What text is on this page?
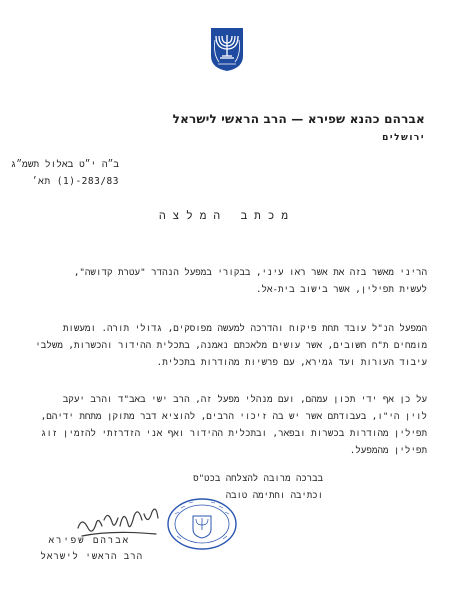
אברהם כהנא שפירא — הרב הראשי לישראל
ירושלים
ב״ה י״ט באלול תשמ״ג
283/83-(1) תא׳
מכתב המלצה
הריני מאשר בזה את אשר ראו עיני, בבקורי במפעל הנהדר "עטרת קדושה",
לעשית תפילין, אשר בישוב בית-אל.
המפעל הנ"ל עובד תחת פיקוח והדרכה למעשה מפוסקים, גדולי תורה. ומעשות
מומחים ת"ח חשובים, אשר עושים מלאכתם נאמנה, בתכלית ההידור והכשרות, משלבי
עיבוד העורות ועד גמירא, עם פרשיות מהודרות בתכלית.
על כן אף ידי תכון עמהם, ועם מנהלי מפעל זה, הרב ישי באב"ד והרב יעקב
לוין הי"ו, בעבודתם אשר יש בה זיכוי הרבים, להוציא דבר מתוקן מתחת ידיהם,
תפילין מהודרות בכשרות ובפאר, ובתכלית ההידור ואף אני הזדרזתי להזמין זוג
תפילין מהמפעל.
בברכה מרובה להצלחה בכט"ס
וכתיבה וחתימה טובה
אברהם שפירא
הרב הראשי לישראל
